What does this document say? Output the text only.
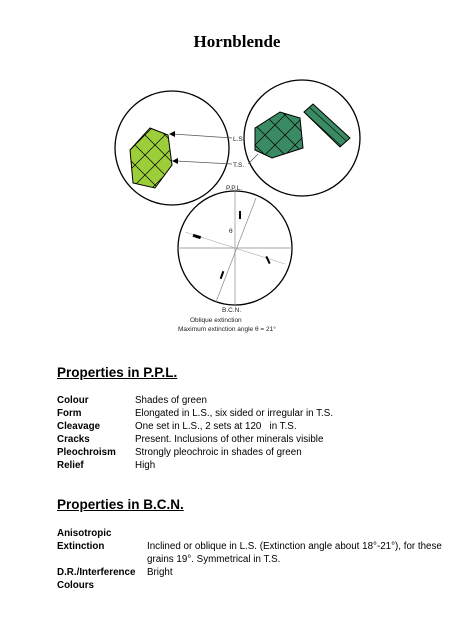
Hornblende
L.S.
T.S.
P.P.L.
θ
B.C.N.
Oblique extinction
Maximum extinction angle θ = 21°
Properties in P.P.L.
Colour	Shades of green
Form	Elongated in L.S., six sided or irregular in T.S.
Cleavage	One set in L.S., 2 sets at 120   in T.S.
Cracks	Present. Inclusions of other minerals visible
Pleochroism	Strongly pleochroic in shades of green
Relief	High
Properties in B.C.N.
Anisotropic
Extinction	Inclined or oblique in L.S. (Extinction angle about 18°-21°), for these grains 19°. Symmetrical in T.S.
D.R./Interference	Bright
Colours
